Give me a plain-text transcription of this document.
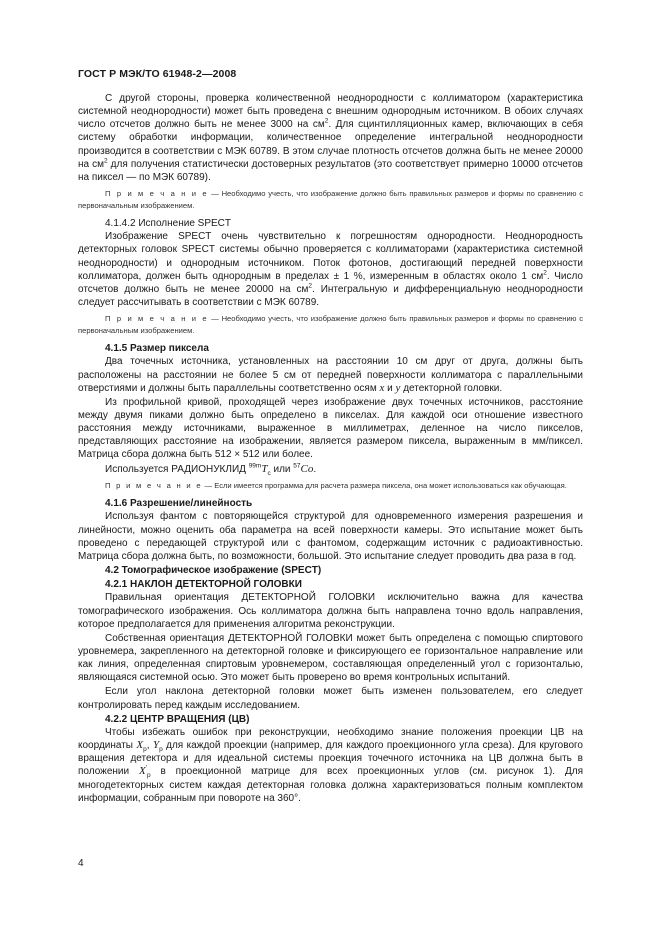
ГОСТ Р МЭК/ТО 61948-2—2008

С другой стороны, проверка количественной неоднородности с коллиматором (характеристика системной неоднородности) может быть проведена с внешним однородным источником. В обоих случаях число отсчетов должно быть не менее 3000 на $см^2$. Для сцинтилляционных камер, включающих в себя систему обработки информации, количественное определение интегральной неоднородности производится в соответствии с МЭК 60789. В этом случае плотность отсчетов должна быть не менее 20000 на $см^2$ для получения статистически достоверных результатов (это соответствует примерно 10000 отсчетов на пиксел — по МЭК 60789).

П р и м е ч а н и е — Необходимо учесть, что изображение должно быть правильных размеров и формы по сравнению с первоначальным изображением.

4.1.4.2 Исполнение SPECT

Изображение SPECT очень чувствительно к погрешностям однородности. Неоднородность детекторных головок SPECT системы обычно проверяется с коллиматорами (характеристика системной неоднородности) и однородным источником. Поток фотонов, достигающий передней поверхности коллиматора, должен быть однородным в пределах ± 1 %, измеренным в областях около 1 $см^2$. Число отсчетов должно быть не менее 20000 на $см^2$. Интегральную и дифференциальную неоднородности следует рассчитывать в соответствии с МЭК 60789.

П р и м е ч а н и е — Необходимо учесть, что изображение должно быть правильных размеров и формы по сравнению с первоначальным изображением.

4.1.5 Размер пиксела

Два точечных источника, установленных на расстоянии 10 см друг от друга, должны быть расположены на расстоянии не более 5 см от передней поверхности коллиматора с параллельными отверстиями и должны быть параллельны соответственно осям x и y детекторной головки.

Из профильной кривой, проходящей через изображение двух точечных источников, расстояние между двумя пиками должно быть определено в пикселах. Для каждой оси отношение известного расстояния между источниками, выраженное в миллиметрах, деленное на число пикселов, представляющих расстояние на изображении, является размером пиксела, выраженным в мм/пиксел. Матрица сбора должна быть 512 × 512 или более.

Используется РАДИОНУКЛИД $^{99m}T_c$ или $^{57}$Co.

П р и м е ч а н и е — Если имеется программа для расчета размера пиксела, она может использоваться как обучающая.

4.1.6 Разрешение/линейность

Используя фантом с повторяющейся структурой для одновременного измерения разрешения и линейности, можно оценить оба параметра на всей поверхности камеры. Это испытание может быть проведено с передающей структурой или с фантомом, содержащим источник с радиоактивностью. Матрица сбора должна быть, по возможности, большой. Это испытание следует проводить два раза в год.

4.2 Томографическое изображение (SPECT)

4.2.1 НАКЛОН ДЕТЕКТОРНОЙ ГОЛОВКИ

Правильная ориентация ДЕТЕКТОРНОЙ ГОЛОВКИ исключительно важна для качества томографического изображения. Ось коллиматора должна быть направлена точно вдоль направления, которое предполагается для применения алгоритма реконструкции.

Собственная ориентация ДЕТЕКТОРНОЙ ГОЛОВКИ может быть определена с помощью спиртового уровнемера, закрепленного на детекторной головке и фиксирующего ее горизонтальное направление или как линия, определенная спиртовым уровнемером, составляющая определенный угол с горизонталью, являющаяся системной осью. Это может быть проверено во время контрольных испытаний.

Если угол наклона детекторной головки может быть изменен пользователем, его следует контролировать перед каждым исследованием.

4.2.2 ЦЕНТР ВРАЩЕНИЯ (ЦВ)

Чтобы избежать ошибок при реконструкции, необходимо знание положения проекции ЦВ на координаты $X_p$, $Y_p$ для каждой проекции (например, для каждого проекционного угла среза). Для кругового вращения детектора и для идеальной системы проекция точечного источника на ЦВ должна быть в положении $X'_p$ в проекционной матрице для всех проекционных углов (см. рисунок 1). Для многодетекторных систем каждая детекторная головка должна характеризоваться полным комплектом информации, собранным при повороте на 360°.

4
